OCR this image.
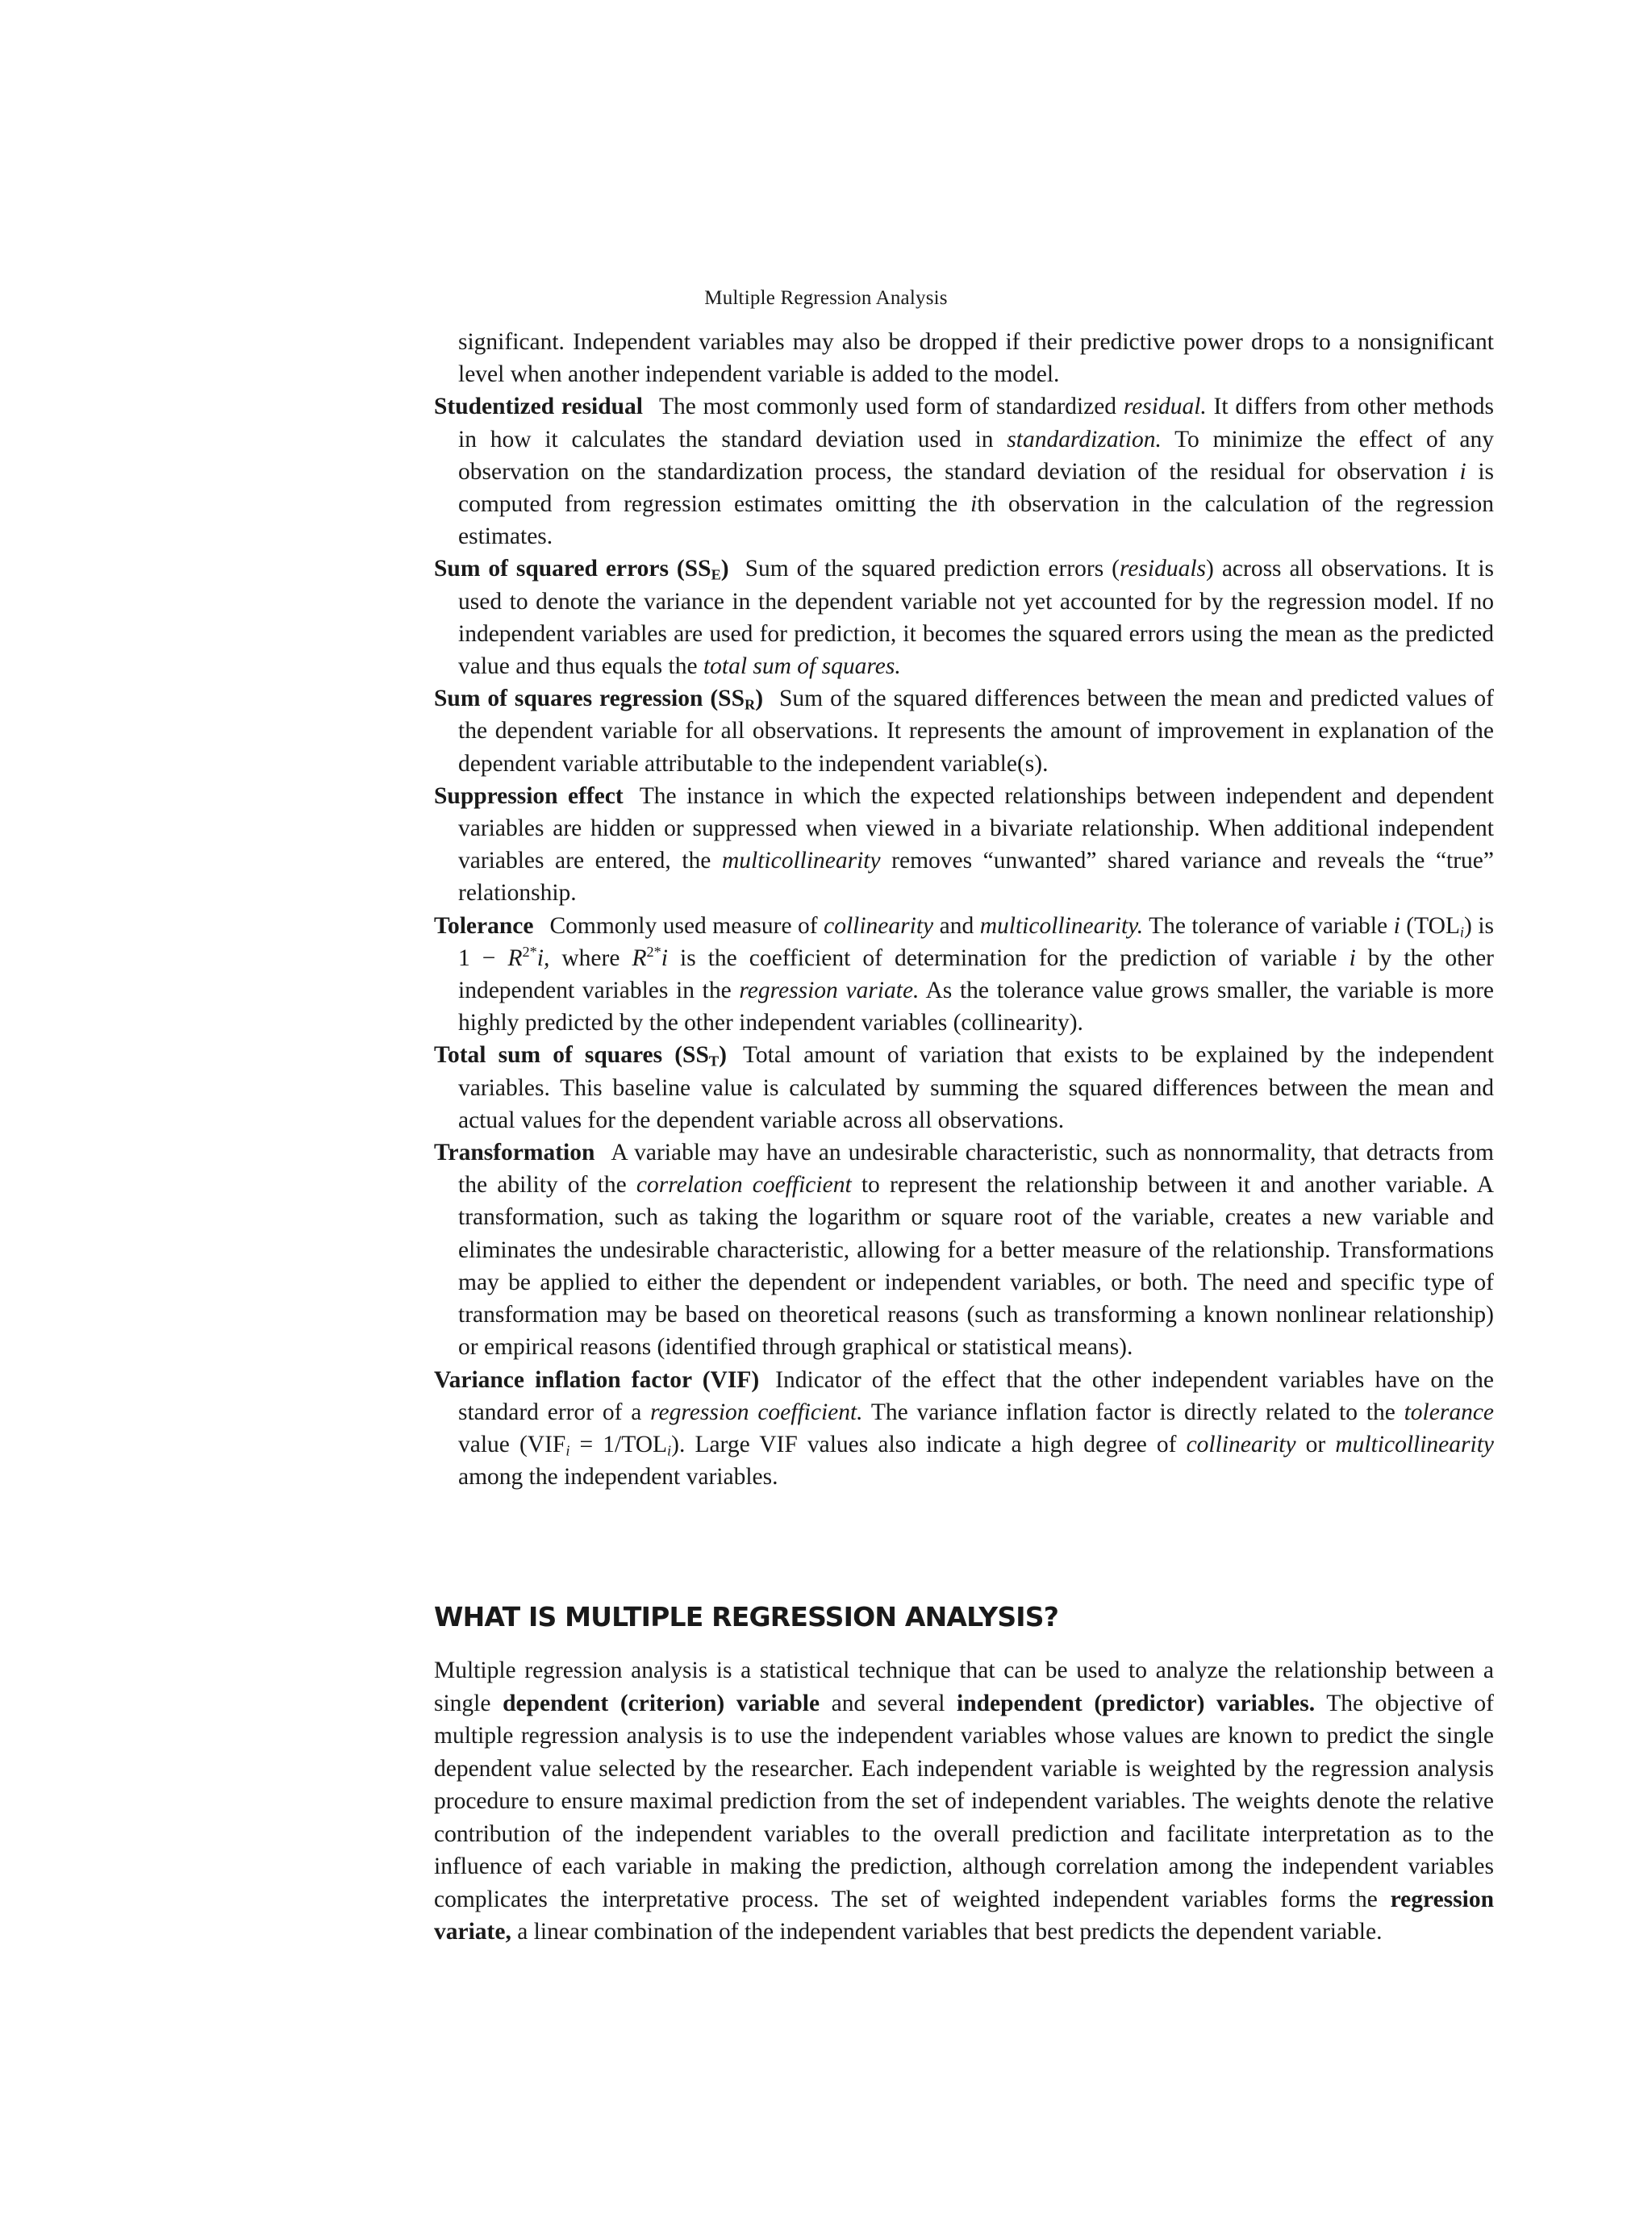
Multiple Regression Analysis

significant. Independent variables may also be dropped if their predictive power drops to a nonsignificant level when another independent variable is added to the model.

Studentized residual The most commonly used form of standardized residual. It differs from other methods in how it calculates the standard deviation used in standardization. To minimize the effect of any observation on the standardization process, the standard deviation of the residual for observation i is computed from regression estimates omitting the ith observation in the calculation of the regression estimates.

Sum of squared errors $(SS_E)$ Sum of the squared prediction errors (residuals) across all observations. It is used to denote the variance in the dependent variable not yet accounted for by the regression model. If no independent variables are used for prediction, it becomes the squared errors using the mean as the predicted value and thus equals the total sum of squares.

Sum of squares regression $(SS_R)$ Sum of the squared differences between the mean and predicted values of the dependent variable for all observations. It represents the amount of improvement in explanation of the dependent variable attributable to the independent variable(s).

Suppression effect The instance in which the expected relationships between independent and dependent variables are hidden or suppressed when viewed in a bivariate relationship. When additional independent variables are entered, the multicollinearity removes “unwanted” shared variance and reveals the “true” relationship.

Tolerance Commonly used measure of collinearity and multicollinearity. The tolerance of variable i $(TOL_i)$ is $1 - R^{2*}i$, where $R^{2*}i$ is the coefficient of determination for the prediction of variable i by the other independent variables in the regression variate. As the tolerance value grows smaller, the variable is more highly predicted by the other independent variables (collinearity).

Total sum of squares $(SS_T)$ Total amount of variation that exists to be explained by the independent variables. This baseline value is calculated by summing the squared differences between the mean and actual values for the dependent variable across all observations.

Transformation A variable may have an undesirable characteristic, such as nonnormality, that detracts from the ability of the correlation coefficient to represent the relationship between it and another variable. A transformation, such as taking the logarithm or square root of the variable, creates a new variable and eliminates the undesirable characteristic, allowing for a better measure of the relationship. Transformations may be applied to either the dependent or independent variables, or both. The need and specific type of transformation may be based on theoretical reasons (such as transforming a known nonlinear relationship) or empirical reasons (identified through graphical or statistical means).

Variance inflation factor (VIF) Indicator of the effect that the other independent variables have on the standard error of a regression coefficient. The variance inflation factor is directly related to the tolerance value $(VIF_i = 1/TOL_i)$. Large VIF values also indicate a high degree of collinearity or multicollinearity among the independent variables.

WHAT IS MULTIPLE REGRESSION ANALYSIS?

Multiple regression analysis is a statistical technique that can be used to analyze the relationship between a single dependent (criterion) variable and several independent (predictor) variables. The objective of multiple regression analysis is to use the independent variables whose values are known to predict the single dependent value selected by the researcher. Each independent variable is weighted by the regression analysis procedure to ensure maximal prediction from the set of independent variables. The weights denote the relative contribution of the independent variables to the overall prediction and facilitate interpretation as to the influence of each variable in making the prediction, although correlation among the independent variables complicates the interpretative process. The set of weighted independent variables forms the regression variate, a linear combination of the independent variables that best predicts the dependent variable.
